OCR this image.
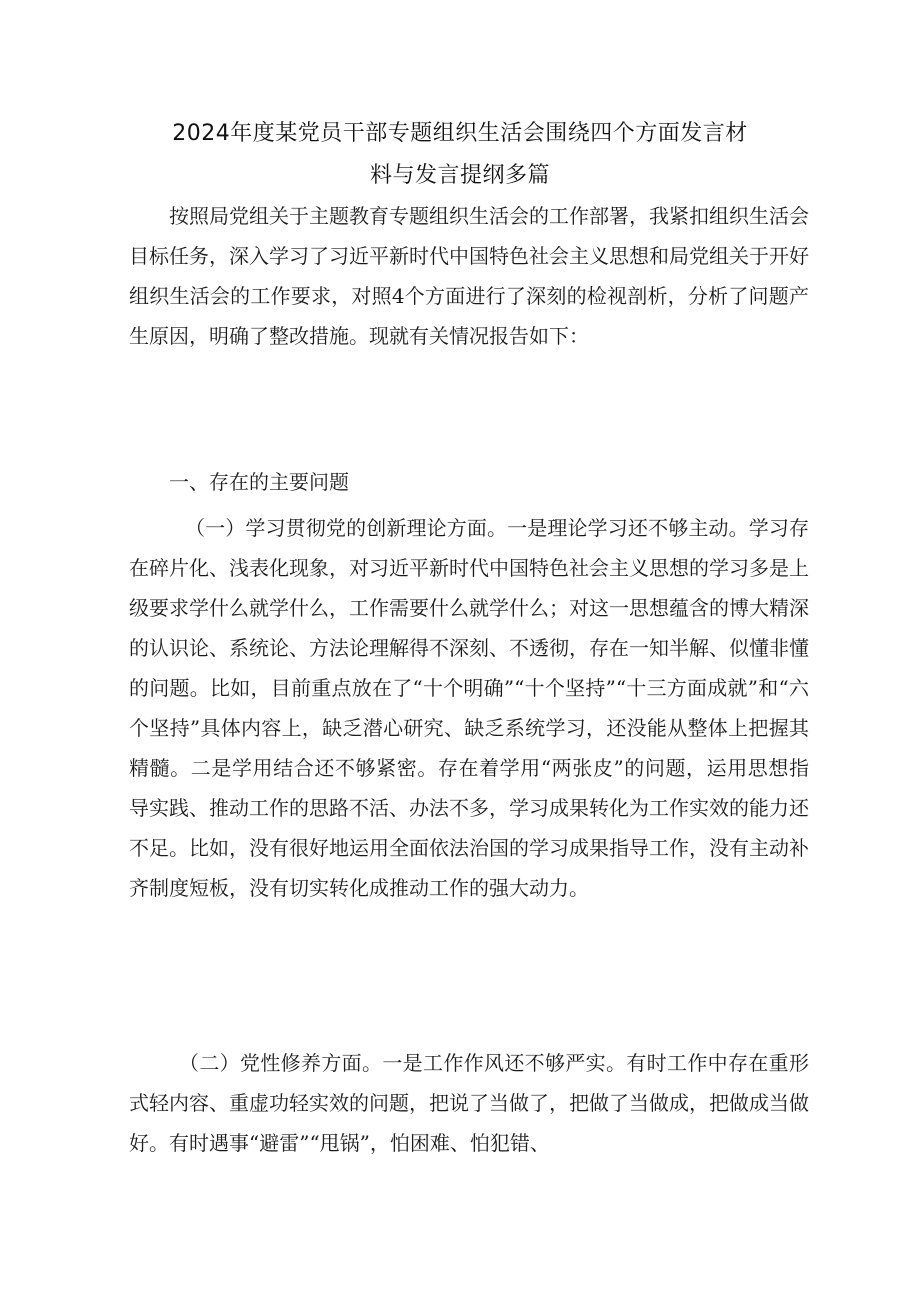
2024年度某党员干部专题组织生活会围绕四个方面发言材
料与发言提纲多篇

按照局党组关于主题教育专题组织生活会的工作部署，我紧扣组织生活会目标任务，深入学习了习近平新时代中国特色社会主义思想和局党组关于开好组织生活会的工作要求，对照4个方面进行了深刻的检视剖析，分析了问题产生原因，明确了整改措施。现就有关情况报告如下：

一、存在的主要问题

（一）学习贯彻党的创新理论方面。一是理论学习还不够主动。学习存在碎片化、浅表化现象，对习近平新时代中国特色社会主义思想的学习多是上级要求学什么就学什么，工作需要什么就学什么；对这一思想蕴含的博大精深的认识论、系统论、方法论理解得不深刻、不透彻，存在一知半解、似懂非懂的问题。比如，目前重点放在了“十个明确”“十个坚持”“十三方面成就”和“六个坚持”具体内容上，缺乏潜心研究、缺乏系统学习，还没能从整体上把握其精髓。二是学用结合还不够紧密。存在着学用“两张皮”的问题，运用思想指导实践、推动工作的思路不活、办法不多，学习成果转化为工作实效的能力还不足。比如，没有很好地运用全面依法治国的学习成果指导工作，没有主动补齐制度短板，没有切实转化成推动工作的强大动力。

（二）党性修养方面。一是工作作风还不够严实。有时工作中存在重形式轻内容、重虚功轻实效的问题，把说了当做了，把做了当做成，把做成当做好。有时遇事“避雷”“甩锅”，怕困难、怕犯错、
